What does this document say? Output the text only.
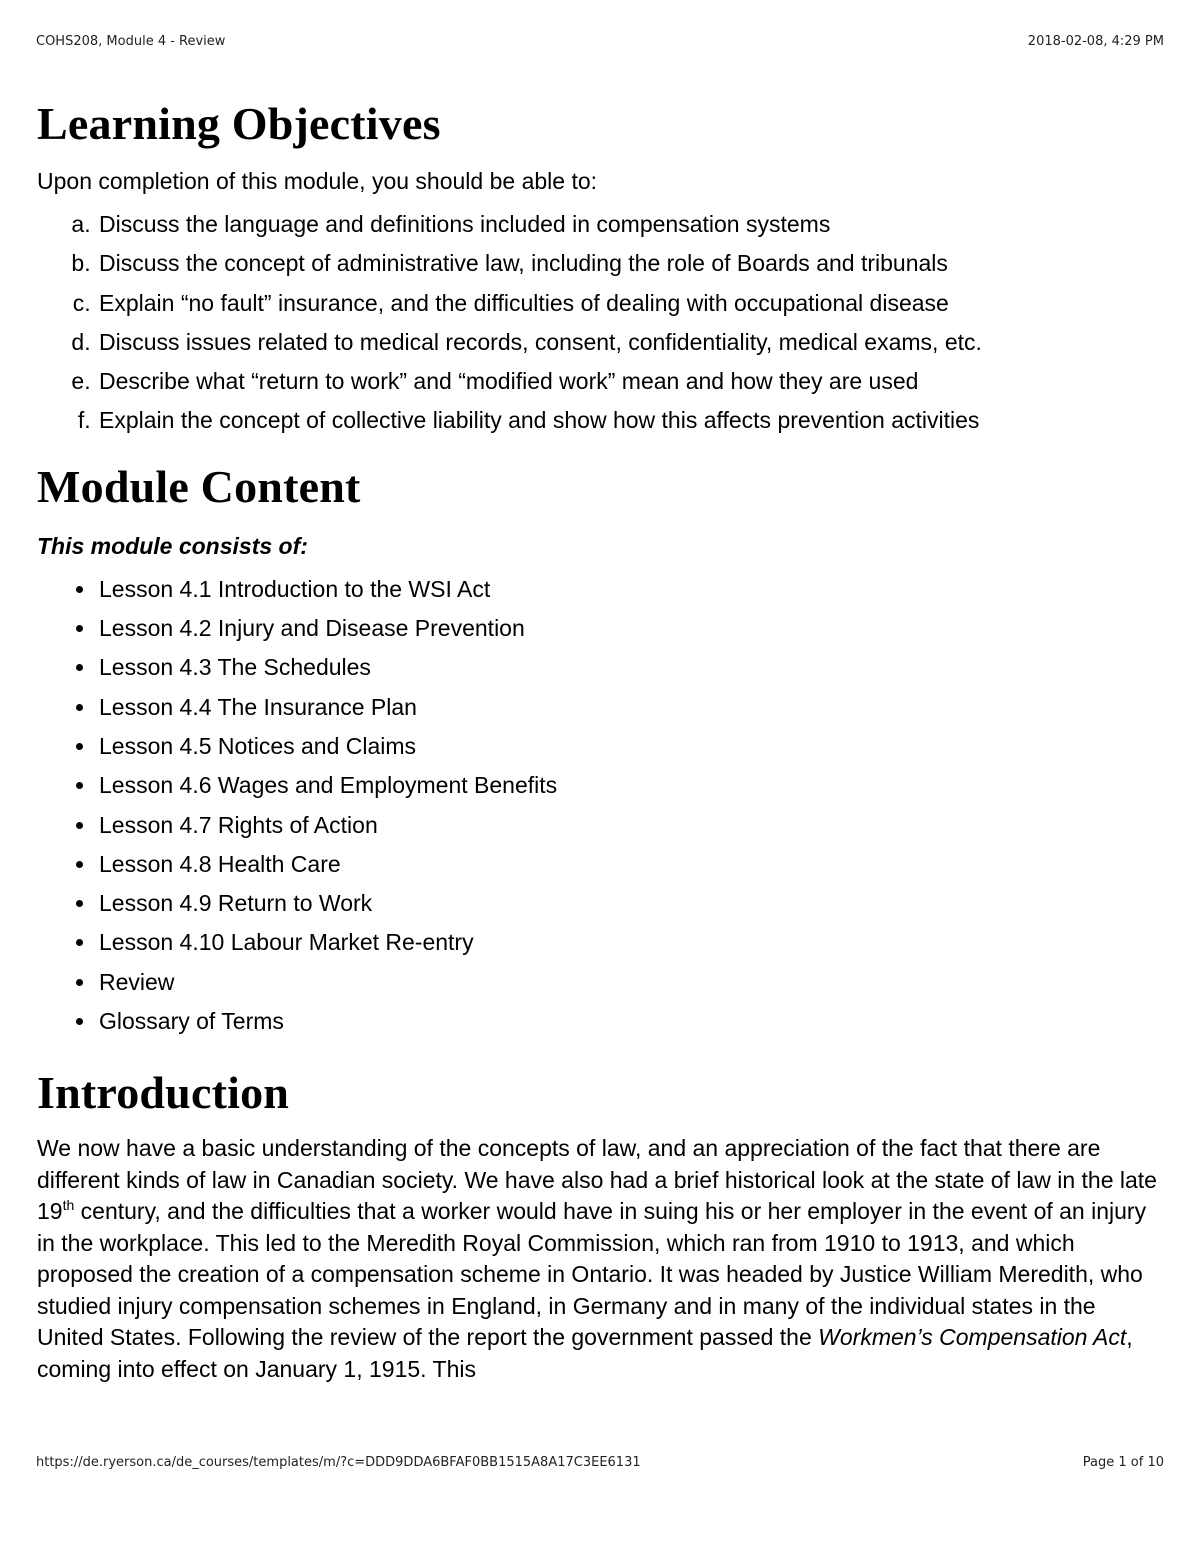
COHS208, Module 4 - Review	2018-02-08, 4:29 PM
Learning Objectives

Upon completion of this module, you should be able to:

a. Discuss the language and definitions included in compensation systems
b. Discuss the concept of administrative law, including the role of Boards and tribunals
c. Explain “no fault” insurance, and the difficulties of dealing with occupational disease
d. Discuss issues related to medical records, consent, confidentiality, medical exams, etc.
e. Describe what “return to work” and “modified work” mean and how they are used
f. Explain the concept of collective liability and show how this affects prevention activities
Module Content

This module consists of:

• Lesson 4.1 Introduction to the WSI Act
• Lesson 4.2 Injury and Disease Prevention
• Lesson 4.3 The Schedules
• Lesson 4.4 The Insurance Plan
• Lesson 4.5 Notices and Claims
• Lesson 4.6 Wages and Employment Benefits
• Lesson 4.7 Rights of Action
• Lesson 4.8 Health Care
• Lesson 4.9 Return to Work
• Lesson 4.10 Labour Market Re-entry
• Review
• Glossary of Terms
Introduction

We now have a basic understanding of the concepts of law, and an appreciation of the fact that there are different kinds of law in Canadian society. We have also had a brief historical look at the state of law in the late 19th century, and the difficulties that a worker would have in suing his or her employer in the event of an injury in the workplace. This led to the Meredith Royal Commission, which ran from 1910 to 1913, and which proposed the creation of a compensation scheme in Ontario. It was headed by Justice William Meredith, who studied injury compensation schemes in England, in Germany and in many of the individual states in the United States. Following the review of the report the government passed the Workmen’s Compensation Act, coming into effect on January 1, 1915. This

https://de.ryerson.ca/de_courses/templates/m/?c=DDD9DDA6BFAF0BB1515A8A17C3EE6131	Page 1 of 10
